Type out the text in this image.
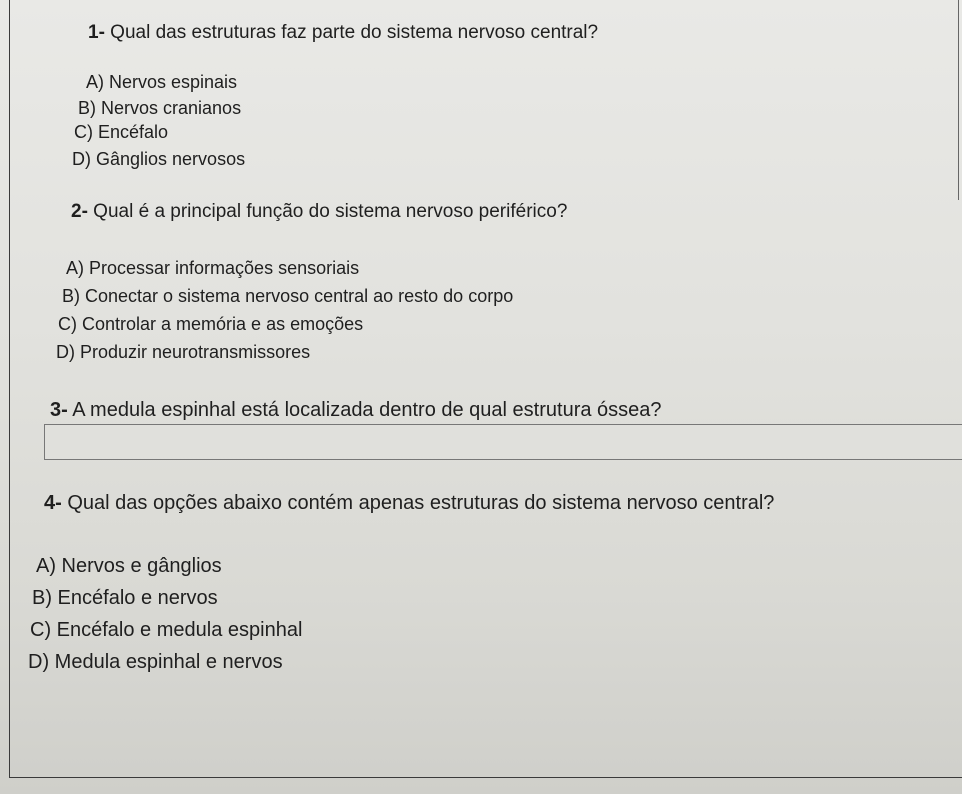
1- Qual das estruturas faz parte do sistema nervoso central?
A) Nervos espinais
B) Nervos cranianos
C) Encéfalo
D) Gânglios nervosos
2- Qual é a principal função do sistema nervoso periférico?
A) Processar informações sensoriais
B) Conectar o sistema nervoso central ao resto do corpo
C) Controlar a memória e as emoções
D) Produzir neurotransmissores
3- A medula espinhal está localizada dentro de qual estrutura óssea?
4- Qual das opções abaixo contém apenas estruturas do sistema nervoso central?
A) Nervos e gânglios
B) Encéfalo e nervos
C) Encéfalo e medula espinhal
D) Medula espinhal e nervos
